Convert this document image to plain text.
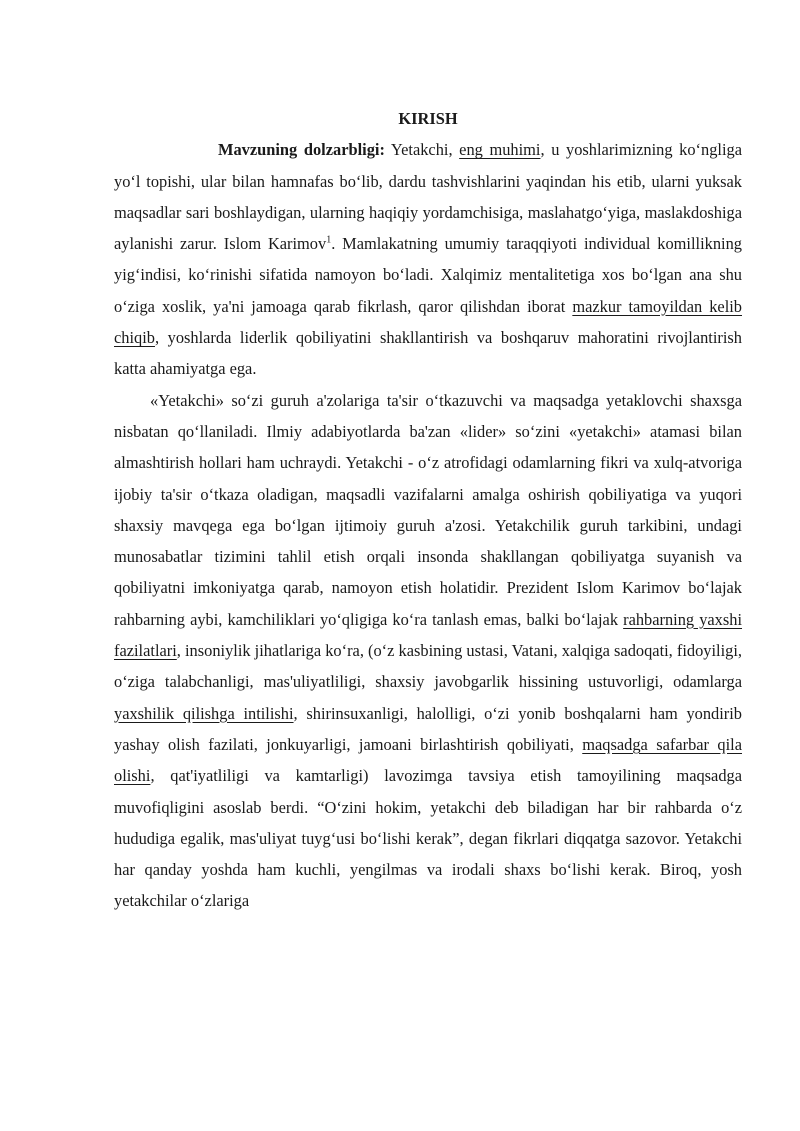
KIRISH

Mavzuning dolzarbligi: Yetakchi, eng muhimi, u yoshlarimizning ko‘ngliga yo‘l topishi, ular bilan hamnafas bo‘lib, dardu tashvishlarini yaqindan his etib, ularni yuksak maqsadlar sari boshlaydigan, ularning haqiqiy yordamchisiga, maslahatgo‘yiga, maslakdoshiga aylanishi zarur. Islom Karimov$^1$. Mamlakatning umumiy taraqqiyoti individual komillikning yig‘indisi, ko‘rinishi sifatida namoyon bo‘ladi. Xalqimiz mentalitetiga xos bo‘lgan ana shu o‘ziga xoslik, ya'ni jamoaga qarab fikrlash, qaror qilishdan iborat mazkur tamoyildan kelib chiqib, yoshlarda liderlik qobiliyatini shakllantirish va boshqaruv mahoratini rivojlantirish katta ahamiyatga ega.

«Yetakchi» so‘zi guruh a'zolariga ta'sir o‘tkazuvchi va maqsadga yetaklovchi shaxsga nisbatan qo‘llaniladi. Ilmiy adabiyotlarda ba'zan «lider» so‘zini «yetakchi» atamasi bilan almashtirish hollari ham uchraydi. Yetakchi - o‘z atrofidagi odamlarning fikri va xulq-atvoriga ijobiy ta'sir o‘tkaza oladigan, maqsadli vazifalarni amalga oshirish qobiliyatiga va yuqori shaxsiy mavqega ega bo‘lgan ijtimoiy guruh a'zosi. Yetakchilik guruh tarkibini, undagi munosabatlar tizimini tahlil etish orqali insonda shakllangan qobiliyatga suyanish va qobiliyatni imkoniyatga qarab, namoyon etish holatidir. Prezident Islom Karimov bo‘lajak rahbarning aybi, kamchiliklari yo‘qligiga ko‘ra tanlash emas, balki bo‘lajak rahbarning yaxshi fazilatlari, insoniylik jihatlariga ko‘ra, (o‘z kasbining ustasi, Vatani, xalqiga sadoqati, fidoyiligi, o‘ziga talabchanligi, mas'uliyatliligi, shaxsiy javobgarlik hissining ustuvorligi, odamlarga yaxshilik qilishga intilishi, shirinsuxanligi, halolligi, o‘zi yonib boshqalarni ham yondirib yashay olish fazilati, jonkuyarligi, jamoani birlashtirish qobiliyati, maqsadga safarbar qila olishi, qat'iyatliligi va kamtarligi) lavozimga tavsiya etish tamoyilining maqsadga muvofiqligini asoslab berdi. “O‘zini hokim, yetakchi deb biladigan har bir rahbarda o‘z hududiga egalik, mas'uliyat tuyg‘usi bo‘lishi kerak”, degan fikrlari diqqatga sazovor. Yetakchi har qanday yoshda ham kuchli, yengilmas va irodali shaxs bo‘lishi kerak. Biroq, yosh yetakchilar o‘zlariga
